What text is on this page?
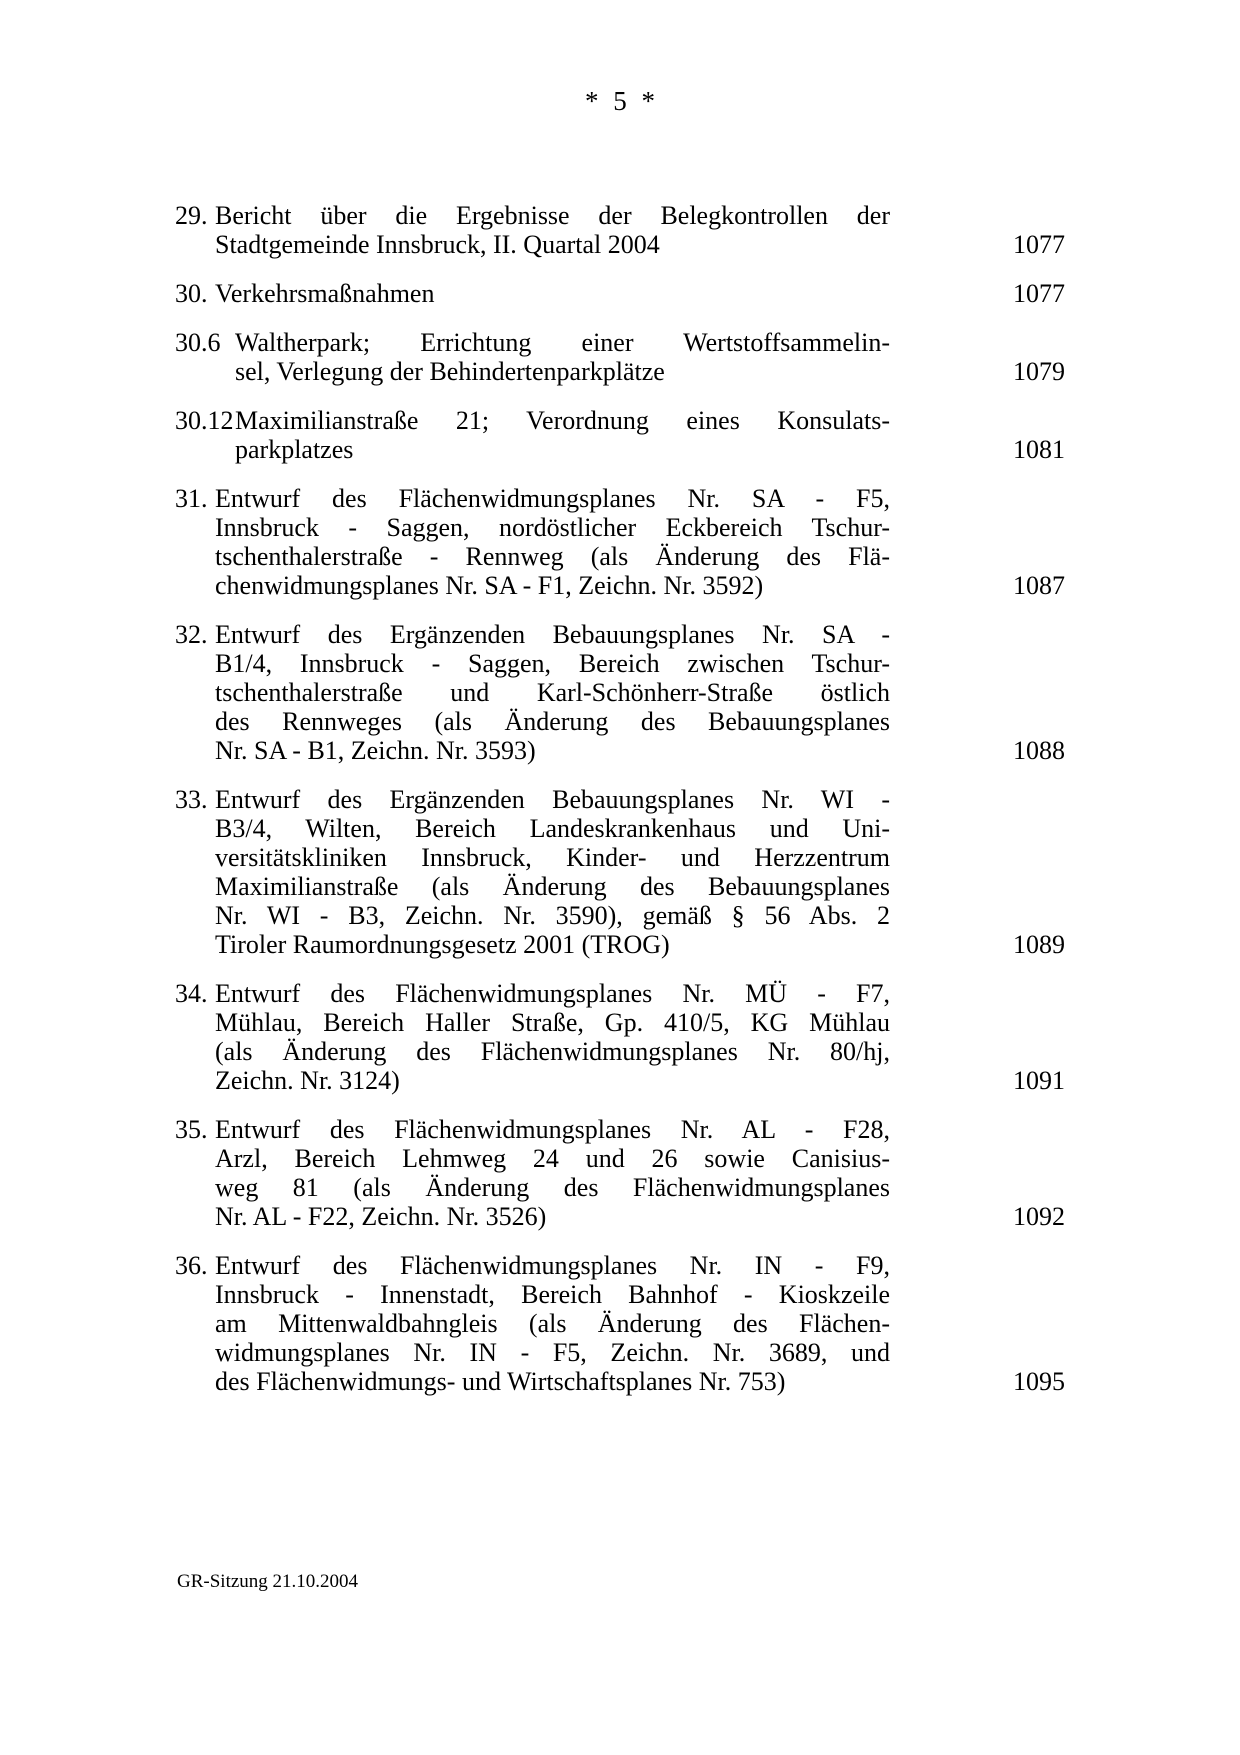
* 5 *
29. Bericht über die Ergebnisse der Belegkontrollen der
Stadtgemeinde Innsbruck, II. Quartal 2004	1077
30. Verkehrsmaßnahmen	1077
30.6 Waltherpark; Errichtung einer Wertstoffsammelin-
sel, Verlegung der Behindertenparkplätze	1079
30.12 Maximilianstraße 21; Verordnung eines Konsulats-
parkplatzes	1081
31. Entwurf des Flächenwidmungsplanes Nr. SA - F5,
Innsbruck - Saggen, nordöstlicher Eckbereich Tschur-
tschenthalerstraße - Rennweg (als Änderung des Flä-
chenwidmungsplanes Nr. SA - F1, Zeichn. Nr. 3592)	1087
32. Entwurf des Ergänzenden Bebauungsplanes Nr. SA -
B1/4, Innsbruck - Saggen, Bereich zwischen Tschur-
tschenthalerstraße und Karl-Schönherr-Straße östlich
des Rennweges (als Änderung des Bebauungsplanes
Nr. SA - B1, Zeichn. Nr. 3593)	1088
33. Entwurf des Ergänzenden Bebauungsplanes Nr. WI -
B3/4, Wilten, Bereich Landeskrankenhaus und Uni-
versitätskliniken Innsbruck, Kinder- und Herzzentrum
Maximilianstraße (als Änderung des Bebauungsplanes
Nr. WI - B3, Zeichn. Nr. 3590), gemäß § 56 Abs. 2
Tiroler Raumordnungsgesetz 2001 (TROG)	1089
34. Entwurf des Flächenwidmungsplanes Nr. MÜ - F7,
Mühlau, Bereich Haller Straße, Gp. 410/5, KG Mühlau
(als Änderung des Flächenwidmungsplanes Nr. 80/hj,
Zeichn. Nr. 3124)	1091
35. Entwurf des Flächenwidmungsplanes Nr. AL - F28,
Arzl, Bereich Lehmweg 24 und 26 sowie Canisius-
weg 81 (als Änderung des Flächenwidmungsplanes
Nr. AL - F22, Zeichn. Nr. 3526)	1092
36. Entwurf des Flächenwidmungsplanes Nr. IN - F9,
Innsbruck - Innenstadt, Bereich Bahnhof - Kioskzeile
am Mittenwaldbahngleis (als Änderung des Flächen-
widmungsplanes Nr. IN - F5, Zeichn. Nr. 3689, und
des Flächenwidmungs- und Wirtschaftsplanes Nr. 753)	1095
GR-Sitzung 21.10.2004
